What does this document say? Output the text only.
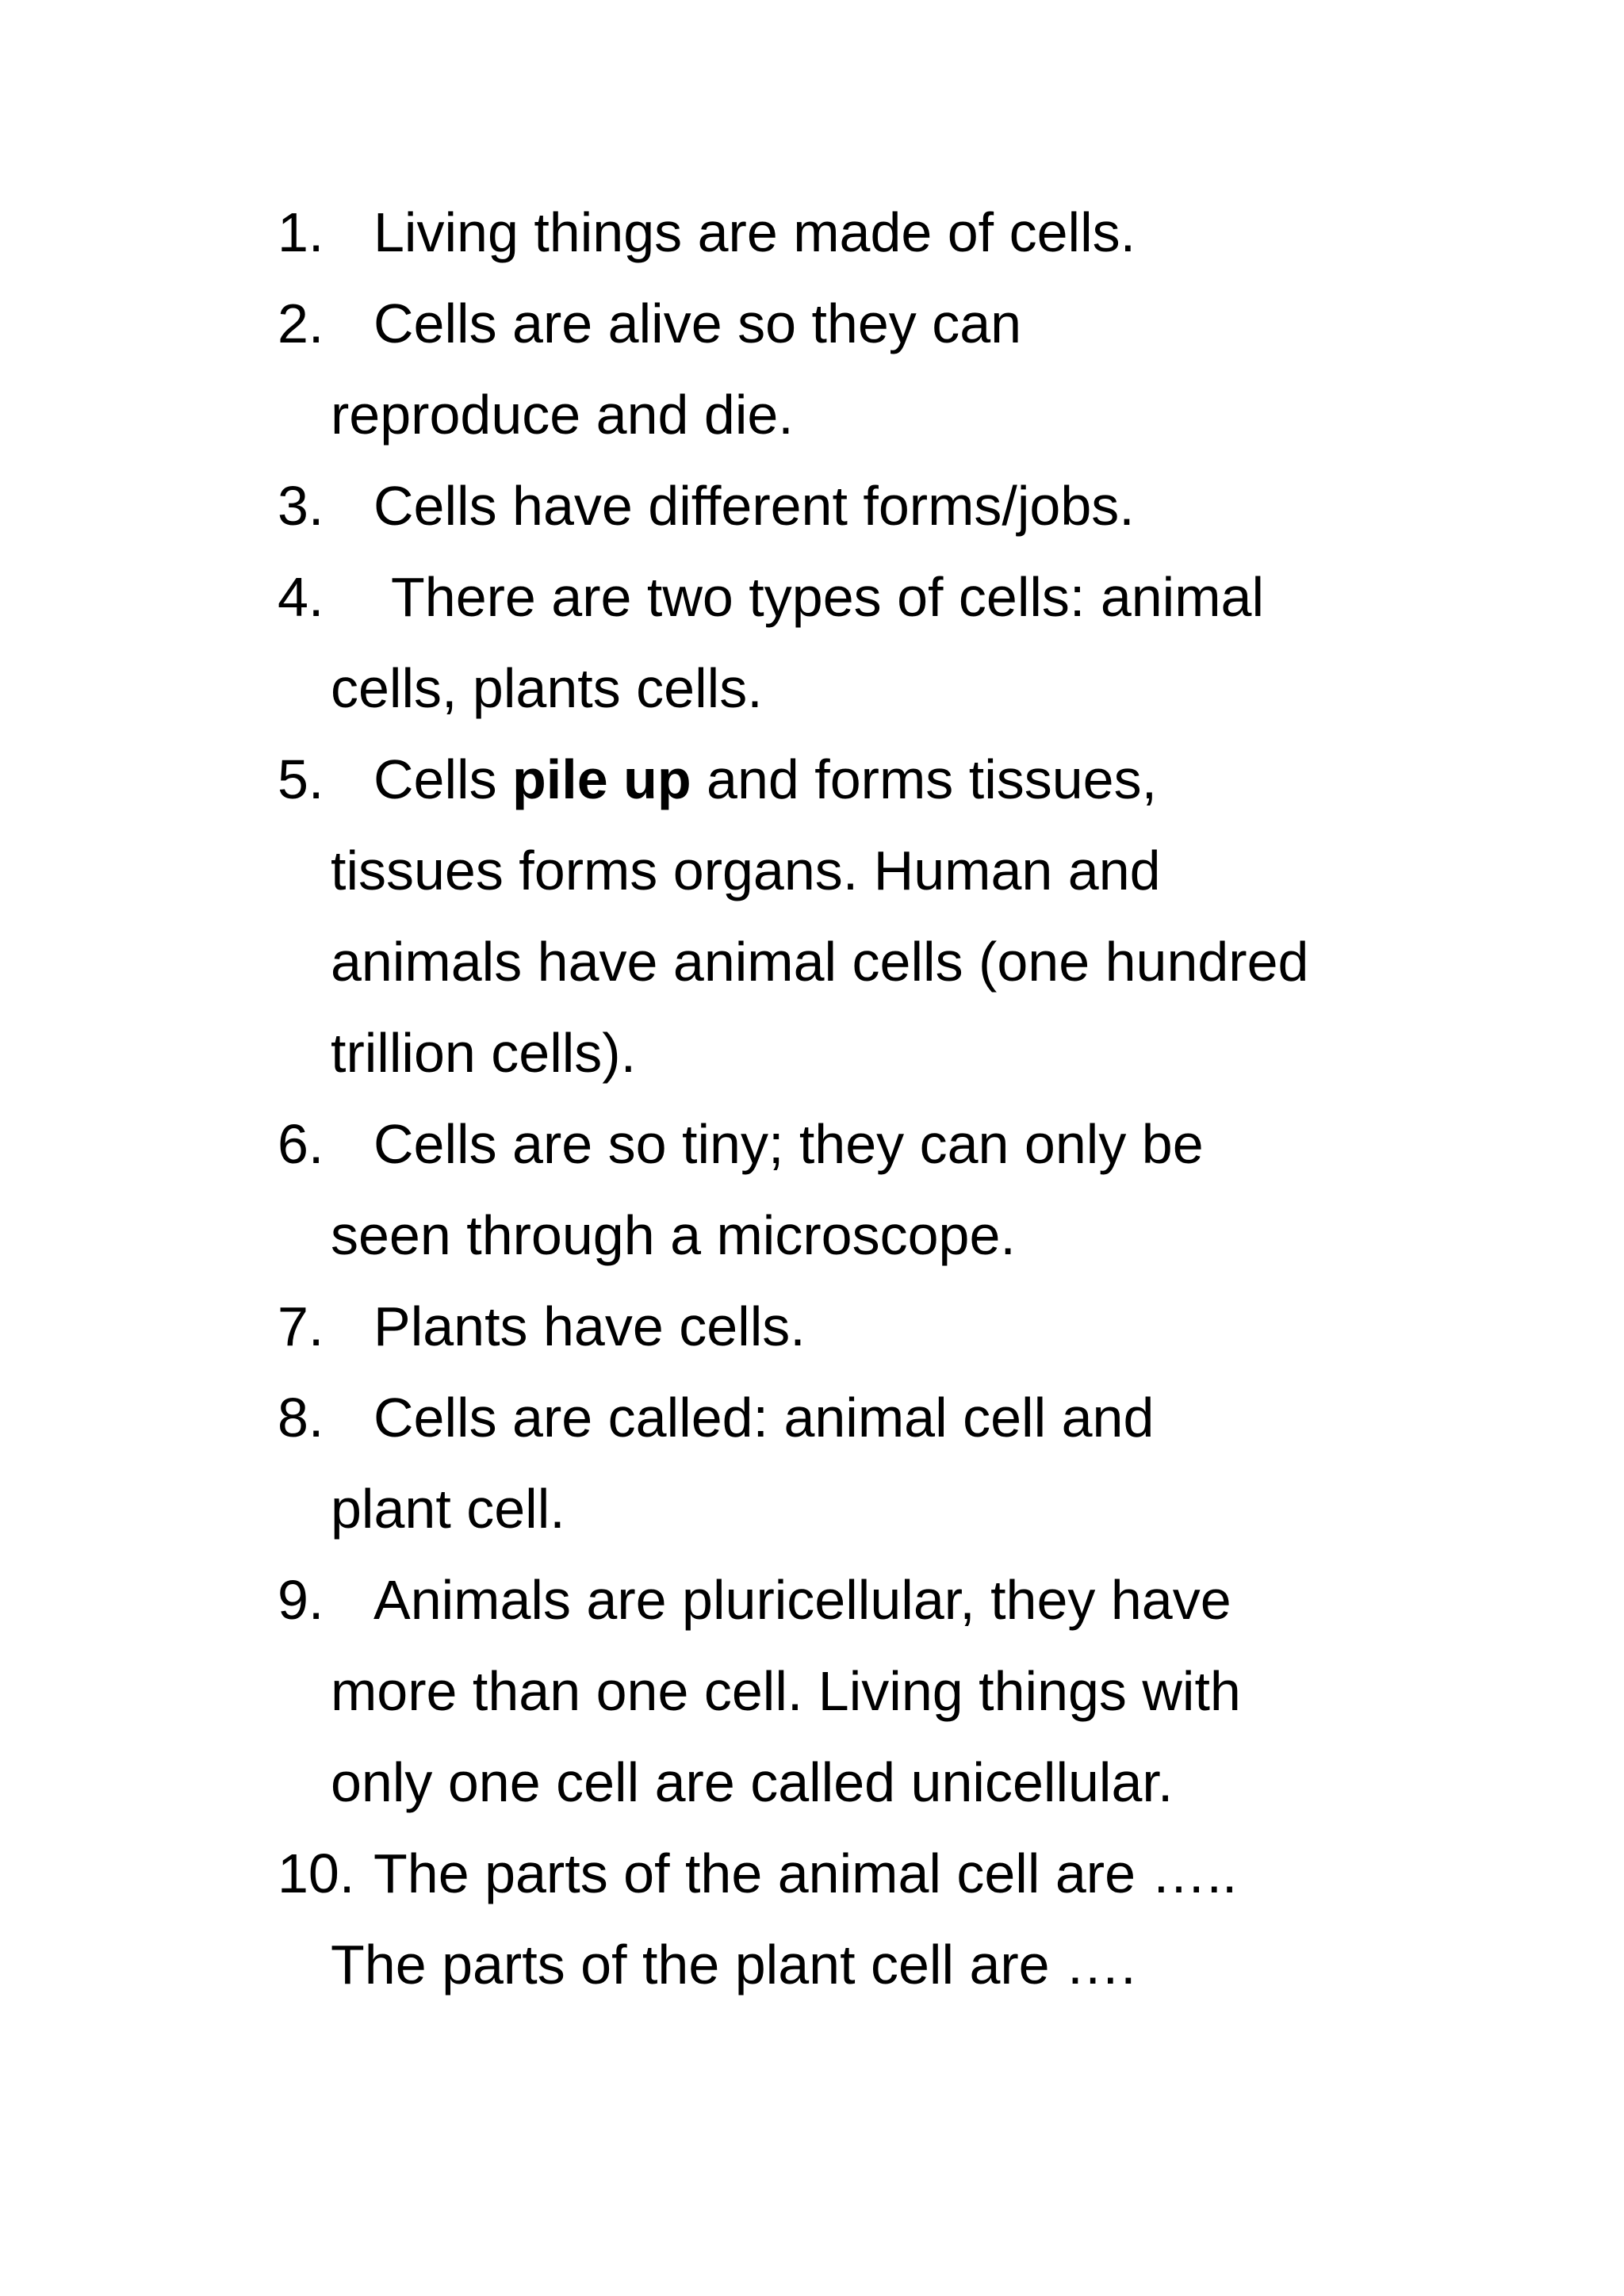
1. Living things are made of cells.
2. Cells are alive so they can
reproduce and die.
3. Cells have different forms/jobs.
4.	There are two types of cells: animal
cells, plants cells.
5. Cells pile up and forms tissues,
tissues forms organs. Human and
animals have animal cells (one hundred
trillion cells).
6. Cells are so tiny; they can only be
seen through a microscope.
7. Plants have cells.
8. Cells are called: animal cell and
plant cell.
9. Animals are pluricellular, they have
more than one cell. Living things with
only one cell are called unicellular.
10. The parts of the animal cell are …..
The parts of the plant cell are ….
